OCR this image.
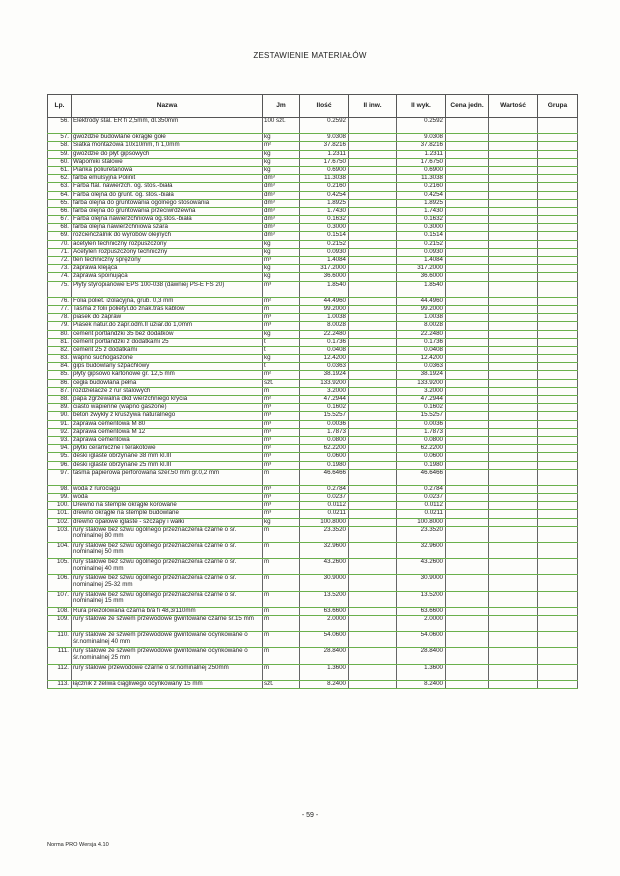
ZESTAWIENIE MATERIAŁÓW
Lp.	Nazwa	Jm	Ilość	II inw.	II wyk.	Cena jedn.	Wartość	Grupa
56.	Elektrody stal. ER fi 2,5mm, dl.350mm	100 szt.	0.2592		0.2592			
57.	gwoździe budowlane okrągłe gołe	kg	9.0308		9.0308			
58.	Siatka montażowa 10x10mm, fi 1,0mm	m²	37.8216		37.8216			
59.	gwoździe do płyt gipsowych	kg	1.2311		1.2311			
60.	Wapomiki stalowe	kg	17.6750		17.6750			
61.	Pianka poliuretanowa	kg	0.6900		0.6900			
62.	farba emulsyjna Polinit	dm³	11.3038		11.3038			
63.	Farba ftal. nawierzch. og. stos.-biała	dm³	0.2160		0.2160			
64.	Farba olejna do grunt. og. stos.-biała	dm³	0.4254		0.4254			
65.	farba olejna do gruntowania ogólnego stosowania	dm³	1.8925		1.8925			
66.	farba olejna do gruntowania przeciwrdzewna	dm³	1.7430		1.7430			
67.	Farba olejna nawierzchniowa og.stos.-biała	dm³	0.1632		0.1632			
68.	farba olejna nawierzchniowa szara	dm³	0.3000		0.3000			
69.	rozcieńczalnik do wyrobów olejnych	dm³	0.1514		0.1514			
70.	acetylen techniczny rozpuszczony	kg	0.2152		0.2152			
71.	Acetylen rozpuszczony techniczny	kg	0.0930		0.0930			
72.	tlen techniczny sprężony	m³	1.4084		1.4084			
73.	zaprawa klejąca	kg	317.2000		317.2000			
74.	zaprawa spoinująca	kg	36.6000		36.6000			
75.	Płyty styropianowe EPS 100-038 (dawniej PS-E FS 20)	m³	1.8540		1.8540			
76.	Folia poliet. izolacyjna, grub. 0,3 mm	m²	44.4960		44.4960			
77.	Taśma z folii polietyl.do znak.tras kablow	m	99.2000		99.2000			
78.	piasek do zapraw	m³	1.0038		1.0038			
79.	Piasek natur.do zapr.odm.II uziar.do 1,0mm	m³	8.0028		8.0028			
80.	cement portlandzki 35 bez dodatków	kg	22.2480		22.2480			
81.	cement portlandzki z dodatkami 25	t	0.1736		0.1736			
82.	cement 25 z dodatkami	t	0.0408		0.0408			
83.	wapno suchogaszone	kg	12.4200		12.4200			
84.	gips budowlany szpachlowy	t	0.0363		0.0363			
85.	płyty gipsowo kartonowe gr. 12,5 mm	m²	38.1924		38.1924			
86.	cegła budowlana pełna	szt.	133.9200		133.9200			
87.	rozdzielacze z rur stalowych	m	3.2000		3.2000			
88.	papa zgrzewalna dkd wierzchniego krycia	m²	47.2944		47.2944			
89.	ciasto wapienne (wapno gaszone)	m³	0.1602		0.1602			
90.	beton zwykły z kruszywa naturalnego	m³	15.5257		15.5257			
91.	zaprawa cementowa M 80	m³	0.0036		0.0036			
92.	zaprawa cementowa M 12	m³	1.7873		1.7873			
93.	zaprawa cementowa	m³	0.0800		0.0800			
94.	płytki ceramiczne i terakotowe	m²	62.2200		62.2200			
95.	deski iglaste obrzynane 38 mm kl.III	m³	0.0600		0.0600			
96.	deski iglaste obrzynane 25 mm kl.III	m³	0.1980		0.1980			
97.	taśma papierowa perforowana szer.50 mm gr.0,2 mm	m	46.6466		46.6466			
98.	woda z rurociągu	m³	0.2784		0.2784			
99.	woda	m³	0.0237		0.0237			
100.	Drewno na stemple okrągłe korowane	m³	0.0112		0.0112			
101.	drewno okrągłe na stemple budowlane	m³	0.0211		0.0211			
102.	drewno opałowe iglaste - szczapy i wałki	kg	100.8000		100.8000			
103.	rury stalowe bez szwu ogólnego przeznaczenia czarne o śr. nominalnej 80 mm	m	23.3520		23.3520			
104.	rury stalowe bez szwu ogólnego przeznaczenia czarne o śr. nominalnej 50 mm	m	32.9600		32.9600			
105.	rury stalowe bez szwu ogólnego przeznaczenia czarne o śr. nominalnej 40 mm	m	43.2600		43.2600			
106.	rury stalowe bez szwu ogólnego przeznaczenia czarne o śr. nominalnej 25-32 mm	m	30.9000		30.9000			
107.	rury stalowe bez szwu ogólnego przeznaczenia czarne o śr. nominalnej 15 mm	m	13.5200		13.5200			
108.	Rura preizolowana czarna b/a fi 48,3/110mm	m	63.6600		63.6600			
109.	rury stalowe ze szwem przewodowe gwintowane czarne śr.15 mm	m	2.0000		2.0000			
110.	rury stalowe ze szwem przewodowe gwintowane ocynkowane o śr.nominalnej 40 mm	m	54.0600		54.0600			
111.	rury stalowe ze szwem przewodowe gwintowane ocynkowane o śr.nominalnej 25 mm	m	28.8400		28.8400			
112.	rury stalowe przewodowe czarne o śr.nominalnej 250mm	m	1.3600		1.3600			
113.	łącznik z żeliwa ciągliwego ocynkowany 15 mm	szt.	8.2400		8.2400			
- 59 -
Norma PRO Wersja 4.10
